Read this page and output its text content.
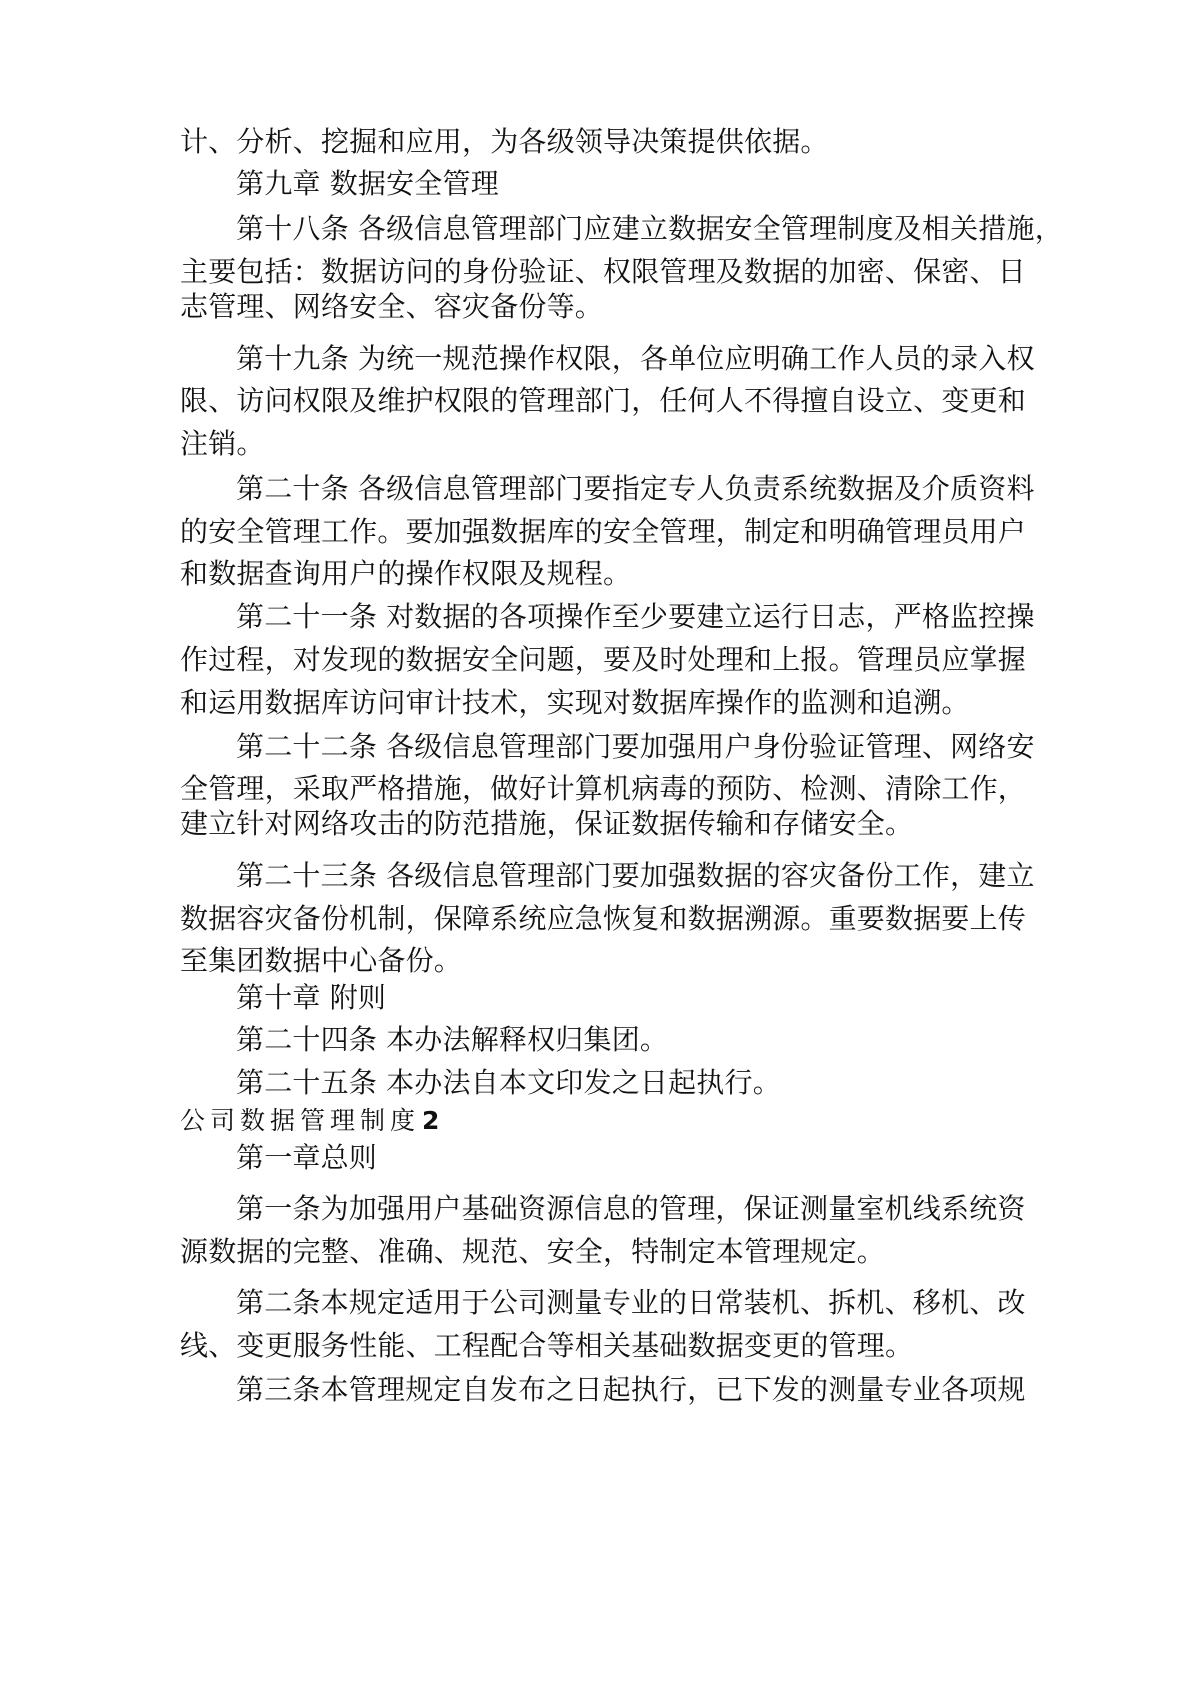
计、分析、挖掘和应用，为各级领导决策提供依据。
第九章 数据安全管理
第十八条 各级信息管理部门应建立数据安全管理制度及相关措施，
主要包括：数据访问的身份验证、权限管理及数据的加密、保密、日
志管理、网络安全、容灾备份等。
第十九条 为统一规范操作权限，各单位应明确工作人员的录入权
限、访问权限及维护权限的管理部门，任何人不得擅自设立、变更和
注销。
第二十条 各级信息管理部门要指定专人负责系统数据及介质资料
的安全管理工作。要加强数据库的安全管理，制定和明确管理员用户
和数据查询用户的操作权限及规程。
第二十一条 对数据的各项操作至少要建立运行日志，严格监控操
作过程，对发现的数据安全问题，要及时处理和上报。管理员应掌握
和运用数据库访问审计技术，实现对数据库操作的监测和追溯。
第二十二条 各级信息管理部门要加强用户身份验证管理、网络安
全管理，采取严格措施，做好计算机病毒的预防、检测、清除工作，
建立针对网络攻击的防范措施，保证数据传输和存储安全。
第二十三条 各级信息管理部门要加强数据的容灾备份工作，建立
数据容灾备份机制，保障系统应急恢复和数据溯源。重要数据要上传
至集团数据中心备份。
第十章 附则
第二十四条 本办法解释权归集团。
第二十五条 本办法自本文印发之日起执行。
公司数据管理制度2
第一章总则
第一条为加强用户基础资源信息的管理，保证测量室机线系统资
源数据的完整、准确、规范、安全，特制定本管理规定。
第二条本规定适用于公司测量专业的日常装机、拆机、移机、改
线、变更服务性能、工程配合等相关基础数据变更的管理。
第三条本管理规定自发布之日起执行，已下发的测量专业各项规
